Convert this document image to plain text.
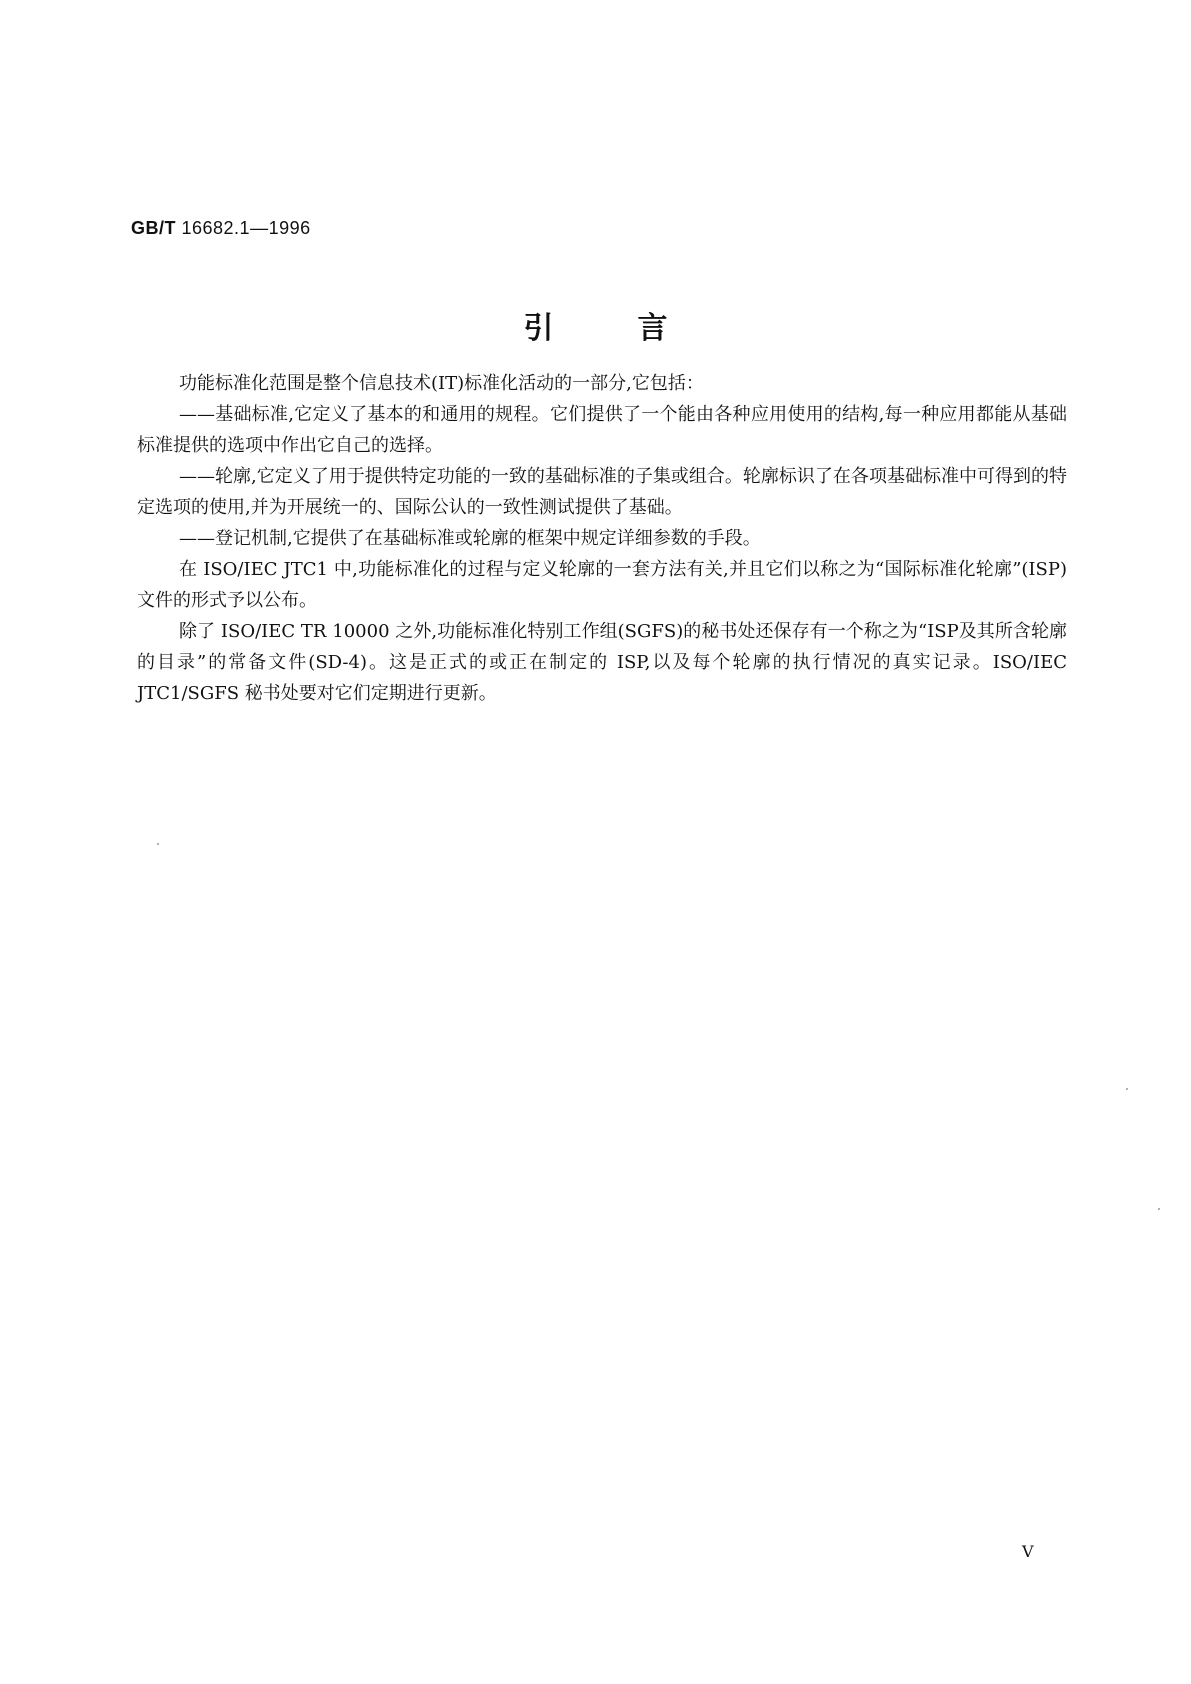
GB/T 16682.1—1996
引言

功能标准化范围是整个信息技术(IT)标准化活动的一部分,它包括：

——基础标准,它定义了基本的和通用的规程。它们提供了一个能由各种应用使用的结构,每一种应用都能从基础标准提供的选项中作出它自己的选择。

——轮廓,它定义了用于提供特定功能的一致的基础标准的子集或组合。轮廓标识了在各项基础标准中可得到的特定选项的使用,并为开展统一的、国际公认的一致性测试提供了基础。

——登记机制,它提供了在基础标准或轮廓的框架中规定详细参数的手段。

在 ISO/IEC JTC1 中,功能标准化的过程与定义轮廓的一套方法有关,并且它们以称之为“国际标准化轮廓”(ISP)文件的形式予以公布。

除了 ISO/IEC TR 10000 之外,功能标准化特别工作组(SGFS)的秘书处还保存有一个称之为“ISP及其所含轮廓的目录”的常备文件(SD-4)。这是正式的或正在制定的 ISP,以及每个轮廓的执行情况的真实记录。ISO/IEC JTC1/SGFS 秘书处要对它们定期进行更新。

V
